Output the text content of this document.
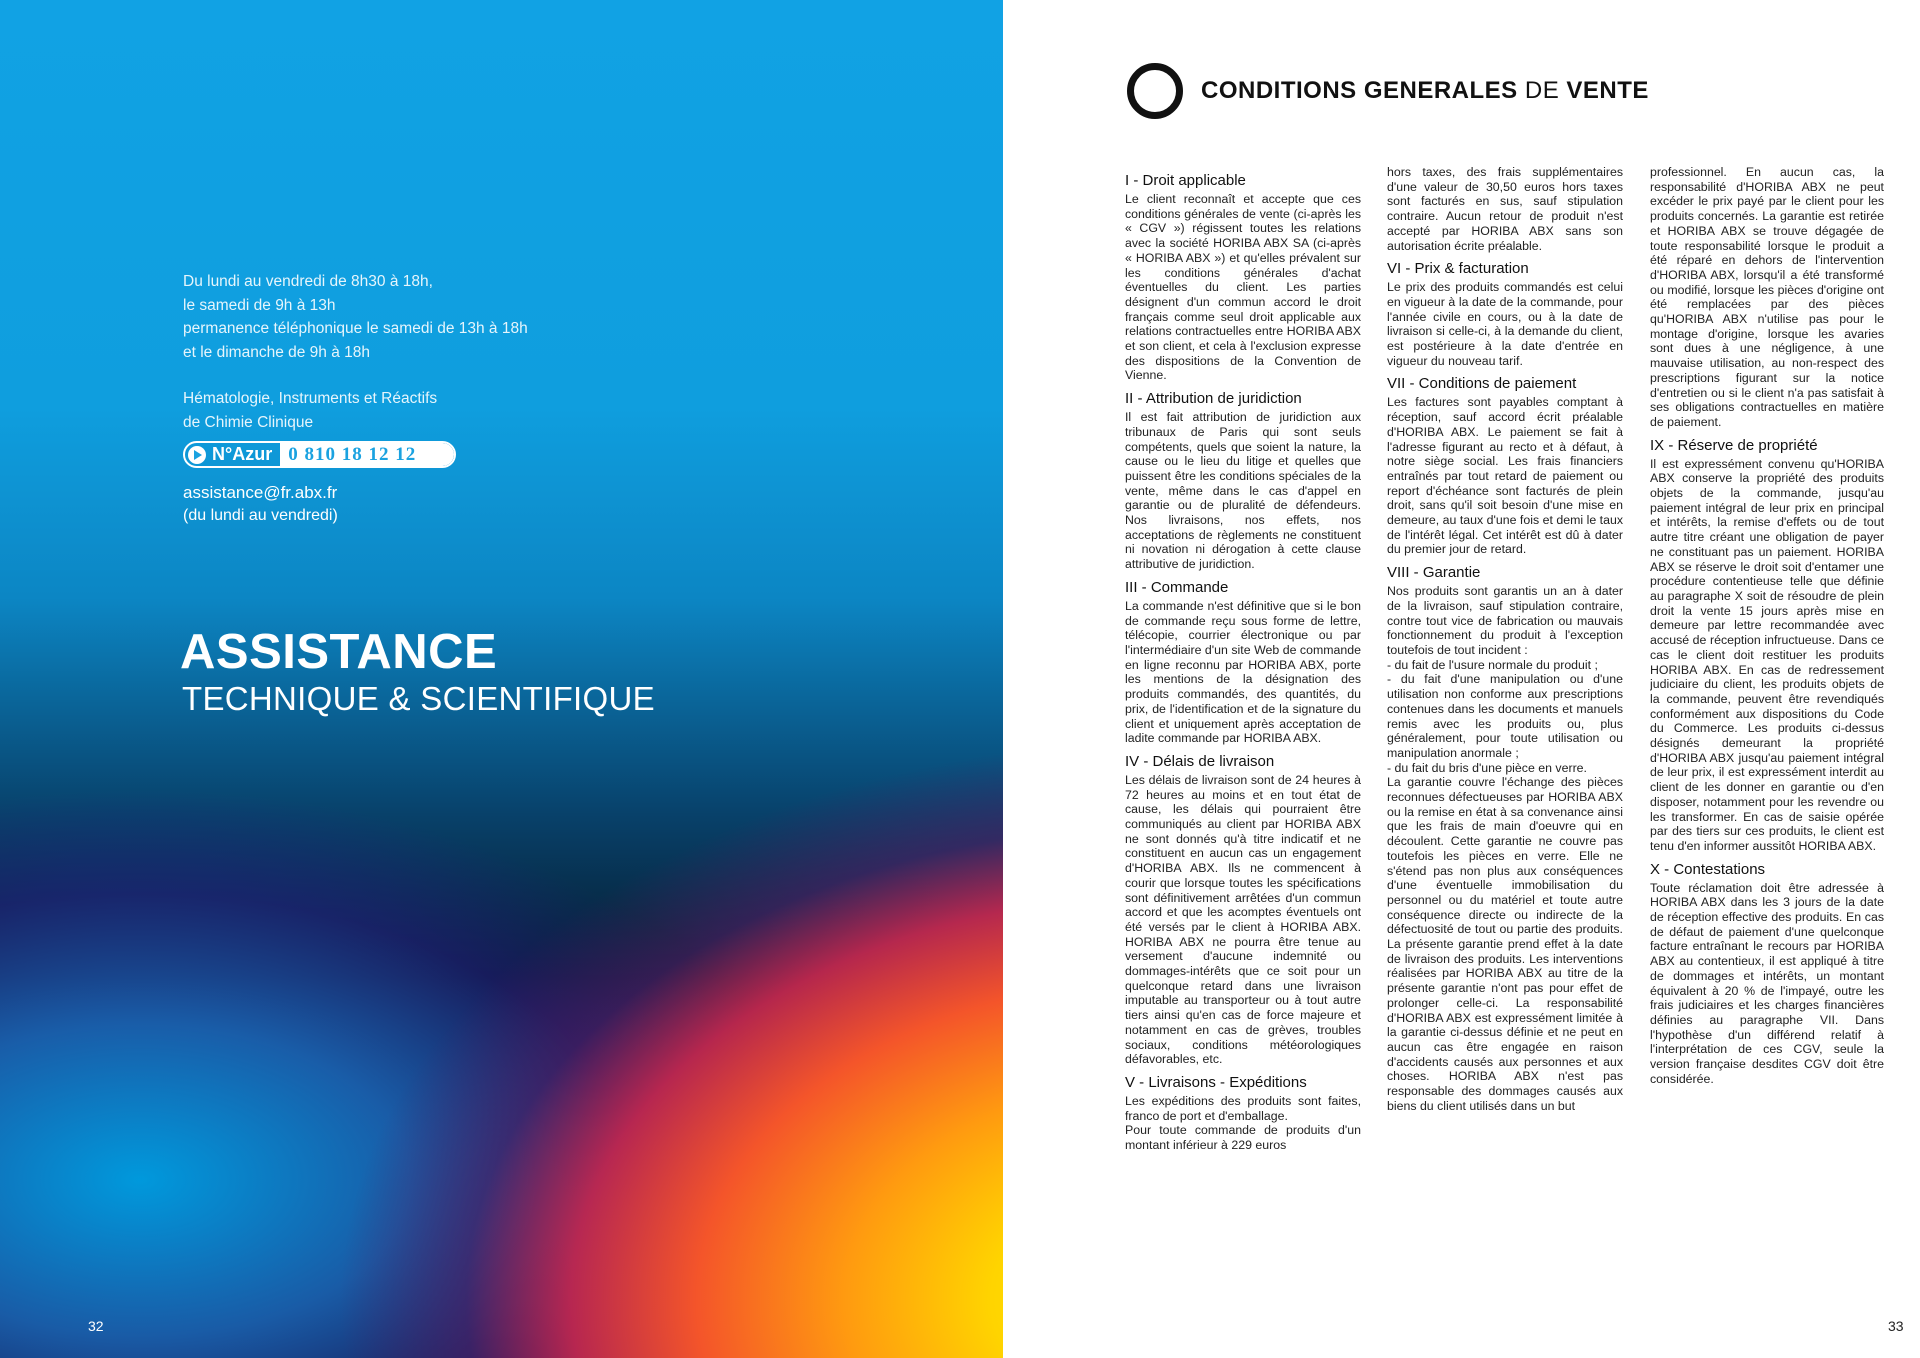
Du lundi au vendredi de 8h30 à 18h,
le samedi de 9h à 13h
permanence téléphonique le samedi de 13h à 18h
et le dimanche de 9h à 18h
Hématologie, Instruments et Réactifs
de Chimie Clinique
N°Azur 0 810 18 12 12
assistance@fr.abx.fr
(du lundi au vendredi)
ASSISTANCE
TECHNIQUE & SCIENTIFIQUE
32
CONDITIONS GENERALES DE VENTE
I - Droit applicable

Le client reconnaît et accepte que ces conditions générales de vente (ci-après les « CGV ») régissent toutes les relations avec la société HORIBA ABX SA (ci-après « HORIBA ABX ») et qu'elles prévalent sur les conditions générales d'achat éventuelles du client. Les parties désignent d'un commun accord le droit français comme seul droit applicable aux relations contractuelles entre HORIBA ABX et son client, et cela à l'exclusion expresse des dispositions de la Convention de Vienne.

II - Attribution de juridiction

Il est fait attribution de juridiction aux tribunaux de Paris qui sont seuls compétents, quels que soient la nature, la cause ou le lieu du litige et quelles que puissent être les conditions spéciales de la vente, même dans le cas d'appel en garantie ou de pluralité de défendeurs. Nos livraisons, nos effets, nos acceptations de règlements ne constituent ni novation ni dérogation à cette clause attributive de juridiction.

III - Commande

La commande n'est définitive que si le bon de commande reçu sous forme de lettre, télécopie, courrier électronique ou par l'intermédiaire d'un site Web de commande en ligne reconnu par HORIBA ABX, porte les mentions de la désignation des produits commandés, des quantités, du prix, de l'identification et de la signature du client et uniquement après acceptation de ladite commande par HORIBA ABX.

IV - Délais de livraison

Les délais de livraison sont de 24 heures à 72 heures au moins et en tout état de cause, les délais qui pourraient être communiqués au client par HORIBA ABX ne sont donnés qu'à titre indicatif et ne constituent en aucun cas un engagement d'HORIBA ABX. Ils ne commencent à courir que lorsque toutes les spécifications sont définitivement arrêtées d'un commun accord et que les acomptes éventuels ont été versés par le client à HORIBA ABX. HORIBA ABX ne pourra être tenue au versement d'aucune indemnité ou dommages-intérêts que ce soit pour un quelconque retard dans une livraison imputable au transporteur ou à tout autre tiers ainsi qu'en cas de force majeure et notamment en cas de grèves, troubles sociaux, conditions météorologiques défavorables, etc.

V - Livraisons - Expéditions

Les expéditions des produits sont faites, franco de port et d'emballage.

Pour toute commande de produits d'un montant inférieur à 229 euros

hors taxes, des frais supplémentaires d'une valeur de 30,50 euros hors taxes sont facturés en sus, sauf stipulation contraire. Aucun retour de produit n'est accepté par HORIBA ABX sans son autorisation écrite préalable.

VI - Prix & facturation

Le prix des produits commandés est celui en vigueur à la date de la commande, pour l'année civile en cours, ou à la date de livraison si celle-ci, à la demande du client, est postérieure à la date d'entrée en vigueur du nouveau tarif.

VII - Conditions de paiement

Les factures sont payables comptant à réception, sauf accord écrit préalable d'HORIBA ABX. Le paiement se fait à l'adresse figurant au recto et à défaut, à notre siège social. Les frais financiers entraînés par tout retard de paiement ou report d'échéance sont facturés de plein droit, sans qu'il soit besoin d'une mise en demeure, au taux d'une fois et demi le taux de l'intérêt légal. Cet intérêt est dû à dater du premier jour de retard.

VIII - Garantie

Nos produits sont garantis un an à dater de la livraison, sauf stipulation contraire, contre tout vice de fabrication ou mauvais fonctionnement du produit à l'exception toutefois de tout incident :

- du fait de l'usure normale du produit ;

- du fait d'une manipulation ou d'une utilisation non conforme aux prescriptions contenues dans les documents et manuels remis avec les produits ou, plus généralement, pour toute utilisation ou manipulation anormale ;

- du fait du bris d'une pièce en verre.

La garantie couvre l'échange des pièces reconnues défectueuses par HORIBA ABX ou la remise en état à sa convenance ainsi que les frais de main d'oeuvre qui en découlent. Cette garantie ne couvre pas toutefois les pièces en verre. Elle ne s'étend pas non plus aux conséquences d'une éventuelle immobilisation du personnel ou du matériel et toute autre conséquence directe ou indirecte de la défectuosité de tout ou partie des produits. La présente garantie prend effet à la date de livraison des produits. Les interventions réalisées par HORIBA ABX au titre de la présente garantie n'ont pas pour effet de prolonger celle-ci. La responsabilité d'HORIBA ABX est expressément limitée à la garantie ci-dessus définie et ne peut en aucun cas être engagée en raison d'accidents causés aux personnes et aux choses. HORIBA ABX n'est pas responsable des dommages causés aux biens du client utilisés dans un but

professionnel. En aucun cas, la responsabilité d'HORIBA ABX ne peut excéder le prix payé par le client pour les produits concernés. La garantie est retirée et HORIBA ABX se trouve dégagée de toute responsabilité lorsque le produit a été réparé en dehors de l'intervention d'HORIBA ABX, lorsqu'il a été transformé ou modifié, lorsque les pièces d'origine ont été remplacées par des pièces qu'HORIBA ABX n'utilise pas pour le montage d'origine, lorsque les avaries sont dues à une négligence, à une mauvaise utilisation, au non-respect des prescriptions figurant sur la notice d'entretien ou si le client n'a pas satisfait à ses obligations contractuelles en matière de paiement.

IX - Réserve de propriété

Il est expressément convenu qu'HORIBA ABX conserve la propriété des produits objets de la commande, jusqu'au paiement intégral de leur prix en principal et intérêts, la remise d'effets ou de tout autre titre créant une obligation de payer ne constituant pas un paiement. HORIBA ABX se réserve le droit soit d'entamer une procédure contentieuse telle que définie au paragraphe X soit de résoudre de plein droit la vente 15 jours après mise en demeure par lettre recommandée avec accusé de réception infructueuse. Dans ce cas le client doit restituer les produits HORIBA ABX. En cas de redressement judiciaire du client, les produits objets de la commande, peuvent être revendiqués conformément aux dispositions du Code du Commerce. Les produits ci-dessus désignés demeurant la propriété d'HORIBA ABX jusqu'au paiement intégral de leur prix, il est expressément interdit au client de les donner en garantie ou d'en disposer, notamment pour les revendre ou les transformer. En cas de saisie opérée par des tiers sur ces produits, le client est tenu d'en informer aussitôt HORIBA ABX.

X - Contestations

Toute réclamation doit être adressée à HORIBA ABX dans les 3 jours de la date de réception effective des produits. En cas de défaut de paiement d'une quelconque facture entraînant le recours par HORIBA ABX au contentieux, il est appliqué à titre de dommages et intérêts, un montant équivalent à 20 % de l'impayé, outre les frais judiciaires et les charges financières définies au paragraphe VII. Dans l'hypothèse d'un différend relatif à l'interprétation de ces CGV, seule la version française desdites CGV doit être considérée.

33
